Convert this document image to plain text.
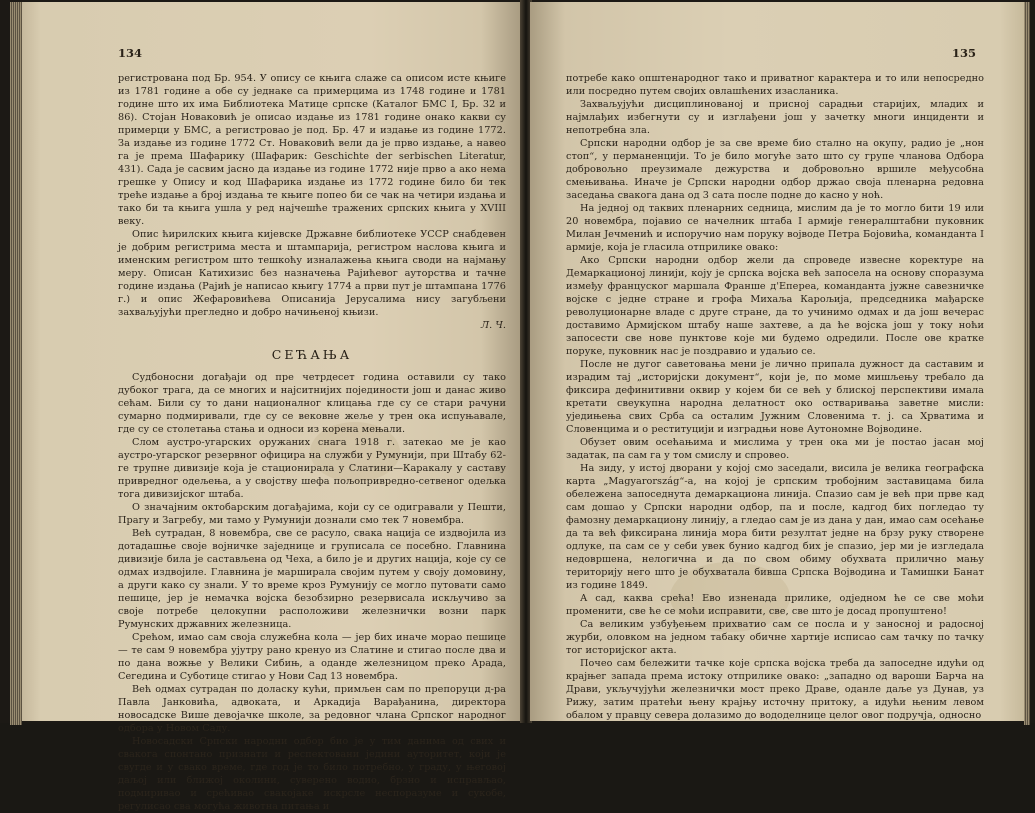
134

регистрована под Бр. 954. У опису се књига слаже са описом исте књиге из 1781 године а обе су једнаке са примерцима из 1748 године и 1781 године што их има Библиотека Матице српске (Каталог БМС I, Бр. 32 и 86). Стојан Новаковић је описао издање из 1781 године онако какви су примерци у БМС, а регистровао је под. Бр. 47 и издање из године 1772. За издање из године 1772 Ст. Новаковић вели да је прво издање, а навео га је према Шафарику (Шафарик: Geschichte der serbischen Literatur, 431). Сада је сасвим јасно да издање из године 1772 није прво а ако нема грешке у Опису и код Шафарика издање из 1772 године било би тек треће издање а број издања те књиге попео би се чак на четири издања и тако би та књига ушла у ред најчешће тражених српских књига у XVIII веку.

Опис ћирилских књига кијевске Државне библиотеке УССР снабдевен је добрим регистрима места и штампарија, регистром наслова књига и именским регистром што тешкоћу изналажења књига своди на најмању меру. Описан Катихизис без назначења Рајићевог ауторства и тачне године издања (Рајић је написао књигу 1774 а први пут је штампана 1776 г.) и опис Жефаровићева Описанија Јерусалима нису загубљени захваљујући прегледно и добро начињеној књизи.

Л. Ч.

СЕЋАЊА

Судбоносни догађаји од пре четрдесет година оставили су тако дубоког трага, да се многих и најситнијих појединости још и данас живо сећам. Били су то дани националног клицања где су се стари рачуни сумарно подмиривали, где су се вековне жеље у трен ока испуњавале, где су се столетања стања и односи из корена мењали.

Слом аустро-угарских оружаних снага 1918 г. затекао ме је као аустро-угарског резервног официра на служби у Румунији, при Штабу 62-ге трупне дивизије која је стационирала у Слатини—Каракалу у саставу привредног одељења, а у својству шефа пољопривредно-сетвеног одељка тога дивизијског штаба.

О значајним октобарским догађајима, који су се одигравали у Пешти, Прагу и Загребу, ми тамо у Румунији дознали смо тек 7 новембра.

Већ сутрадан, 8 новембра, све се расуло, свака нација се издвојила из дотадашње своје војничке заједнице и груписала се посебно. Главнина дивизије била је састављена од Чеха, а било је и других нација, које су се одмах издвојиле. Главнина је марширала својим путем у своју домовину, а други како су знали. У то време кроз Румунију се могло путовати само пешице, јер је немачка војска безобзирно резервисала искључиво за своје потребе целокупни расположиви железнички возни парк Румунских државних железница.

Срећом, имао сам своја служебна кола — јер бих иначе морао пешице — те сам 9 новембра ујутру рано кренуо из Слатине и стигао после два и по дана вожње у Велики Сибињ, а оданде железницом преко Арада, Сегедина и Суботице стигао у Нови Сад 13 новембра.

Већ одмах сутрадан по доласку кући, примљен сам по препоруци д-ра Павла Јанковића, адвоката, и Аркадија Варађанина, директора новосадске Више девојачке школе, за редовног члана Српског народног одбора у Новом Саду.

Новосадски Српски народни одбор био је у тим данима од свих и свакога спонтано признати и респектовани једини ауторитет, који је свугде и у свако време, где год је то било потребно, у граду, у његовој даљој или ближој околини, суверено водио, брзно и исправљао, подмиривао и срећивао свакојаке искрсле неспоразуме и сукобе, регулисао сва могућа животна питања и

135

потребе како општенародног тако и приватног карактера и то или непосредно или посредно путем својих овлашћених изасланика.

Захваљујући дисциплинованој и присној сарадњи старијих, младих и најмлађих избегнути су и изглађени још у зачетку многи инциденти и непотребна зла.

Српски народни одбор је за све време био стално на окупу, радио је „нон стоп“, у перманенцији. То је било могуће зато што су групе чланова Одбора добровољно преузимале дежурства и добровољно вршиле међусобна смењивања. Иначе је Српски народни одбор држао своја пленарна редовна заседања свакога дана од 3 сата после подне до касно у ноћ.

На једној од таквих пленарних седница, мислим да је то могло бити 19 или 20 новембра, појавио се начелник штаба I армије генералштабни пуковник Милан Јечменић и испоручио нам поруку војводе Петра Бојовића, команданта I армије, која је гласила отприлике овако:

Ако Српски народни одбор жели да спроведе извесне коректуре на Демаркационој линији, коју је српска војска већ запосела на основу споразума између француског маршала Франше д'Епереа, команданта јужне савезничке војске с једне стране и грофа Михаља Карољија, председника мађарске револуционарне владе с друге стране, да то учинимо одмах и да још вечерас доставимо Армијском штабу наше захтеве, а да ће војска још у току ноћи запосести све нове пунктове које ми будемо одредили. После ове кратке поруке, пуковник нас је поздравио и удаљио се.

После не дугог саветовања мени је лично припала дужност да саставим и израдим тај „историјски документ“, који је, по моме мишљењу требало да фиксира дефинитивни оквир у којем би се већ у блиској перспективи имала кретати свеукупна народна делатност око остваривања заветне мисли: уједињења свих Срба са осталим Јужним Словенима т. ј. са Хрватима и Словенцима и о реституцији и изградњи нове Аутономне Војводине.

Обузет овим осећањима и мислима у трен ока ми је постао јасан мој задатак, па сам га у том смислу и спровео.

На зиду, у истој дворани у којој смо заседали, висила је велика географска карта „Magyarország“-а, на којој је српским тробојним заставицама била обележена запоседнута демаркациона линија. Спазио сам је већ при прве кад сам дошао у Српски народни одбор, па и после, кадгод бих погледао ту фамозну демаркациону линију, а гледао сам је из дана у дан, имао сам осећање да та већ фиксирана линија мора бити резултат једне на брзу руку створене одлуке, па сам се у себи увек бунио кадгод бих је спазио, јер ми је изгледала недовршена, нелогична и да по свом обиму обухвата прилично мању територију него што је обухватала бивша Српска Војводина и Тамишки Банат из године 1849.

А сад, каква срећа! Ево изненада прилике, одједном ће се све моћи променити, све ће се моћи исправити, све, све што је досад пропуштено!

Са великим узбуђењем прихватио сам се посла и у заносној и радосној журби, оловком на једном табаку обичне хартије исписао сам тачку по тачку тог историјског акта.

Почео сам бележити тачке које српска војска треба да запоседне идући од крајњег запада према истоку отприлике овако: „западно од вароши Барча на Драви, укључујући железнички мост преко Драве, оданле даље уз Дунав, уз Рижу, затим пратећи њену крајњу источну притоку, а идући њеним левом обалом у правцу севера долазимо до вододелнице целог овог подручја, односно
